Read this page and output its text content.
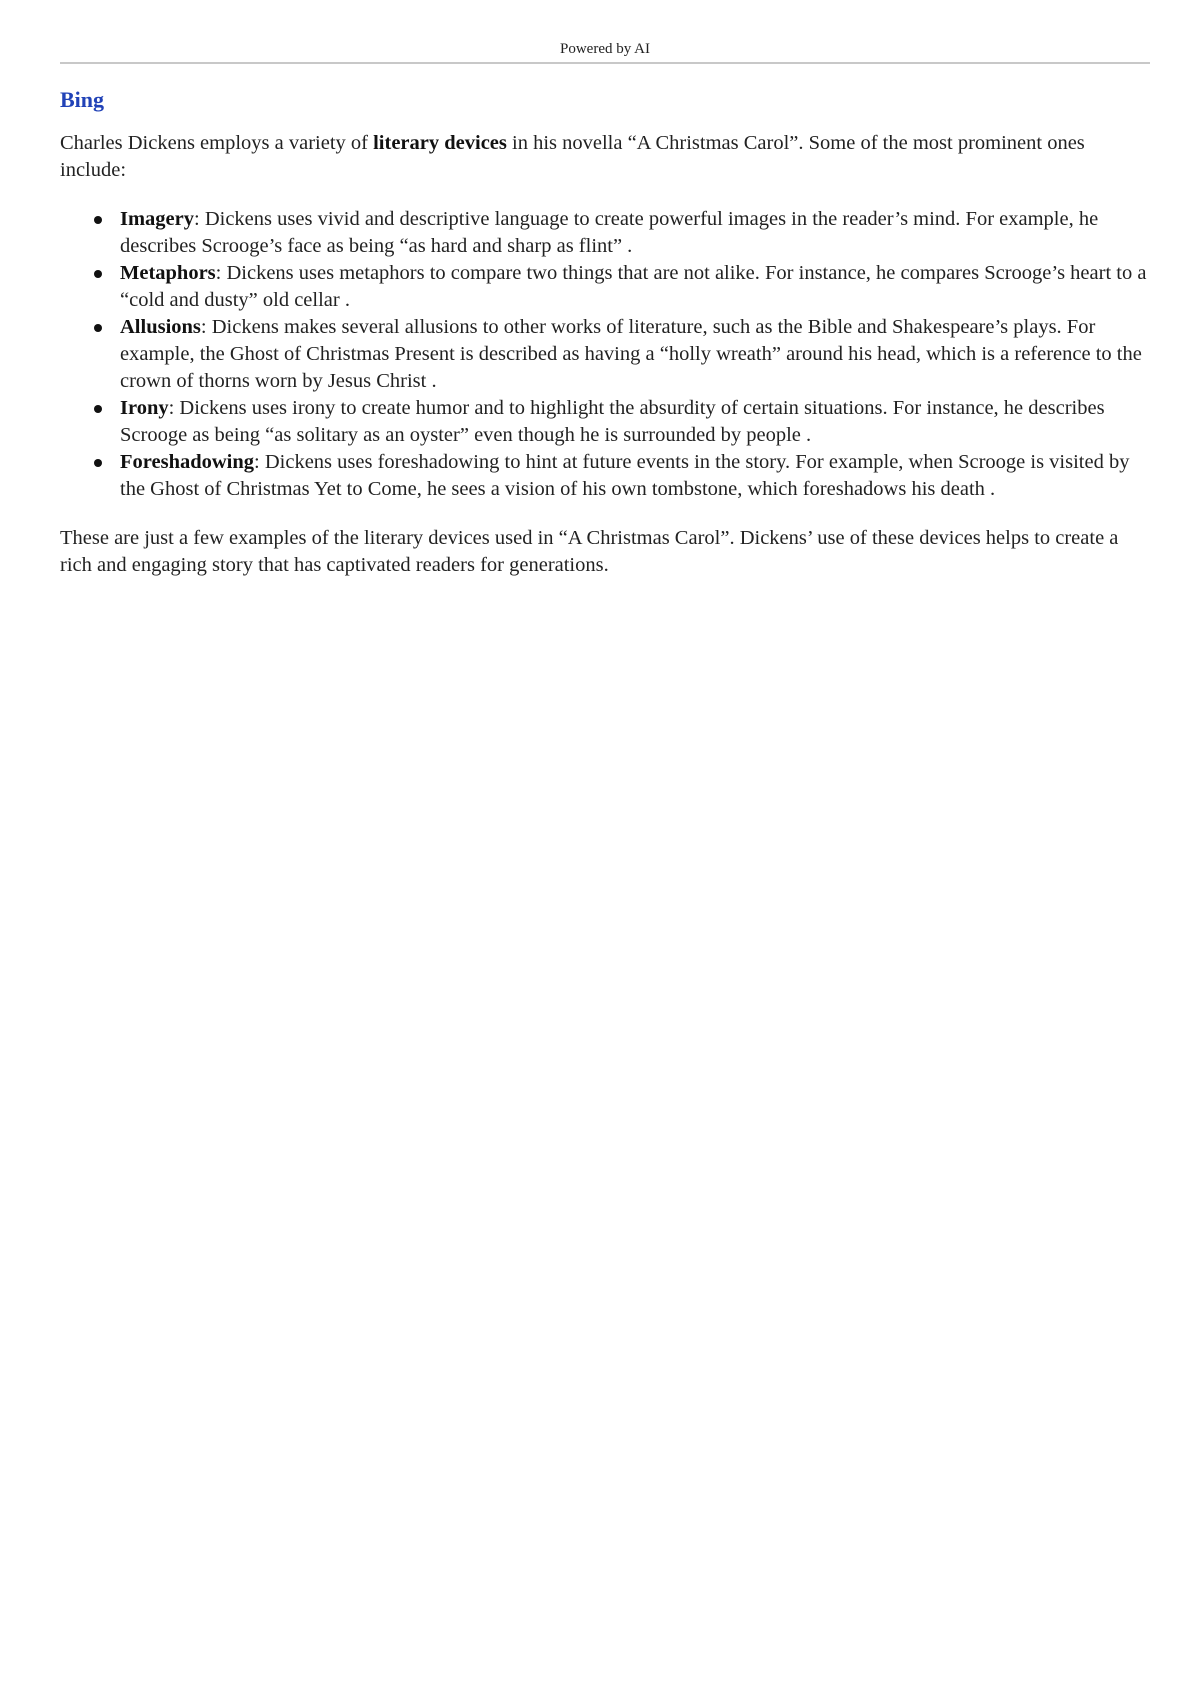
Powered by AI
Bing

Charles Dickens employs a variety of literary devices in his novella “A Christmas Carol”. Some of the most prominent ones include:

Imagery: Dickens uses vivid and descriptive language to create powerful images in the reader’s mind. For example, he describes Scrooge’s face as being “as hard and sharp as flint” .
Metaphors: Dickens uses metaphors to compare two things that are not alike. For instance, he compares Scrooge’s heart to a “cold and dusty” old cellar .
Allusions: Dickens makes several allusions to other works of literature, such as the Bible and Shakespeare’s plays. For example, the Ghost of Christmas Present is described as having a “holly wreath” around his head, which is a reference to the crown of thorns worn by Jesus Christ .
Irony: Dickens uses irony to create humor and to highlight the absurdity of certain situations. For instance, he describes Scrooge as being “as solitary as an oyster” even though he is surrounded by people .
Foreshadowing: Dickens uses foreshadowing to hint at future events in the story. For example, when Scrooge is visited by the Ghost of Christmas Yet to Come, he sees a vision of his own tombstone, which foreshadows his death .

These are just a few examples of the literary devices used in “A Christmas Carol”. Dickens’ use of these devices helps to create a rich and engaging story that has captivated readers for generations.
